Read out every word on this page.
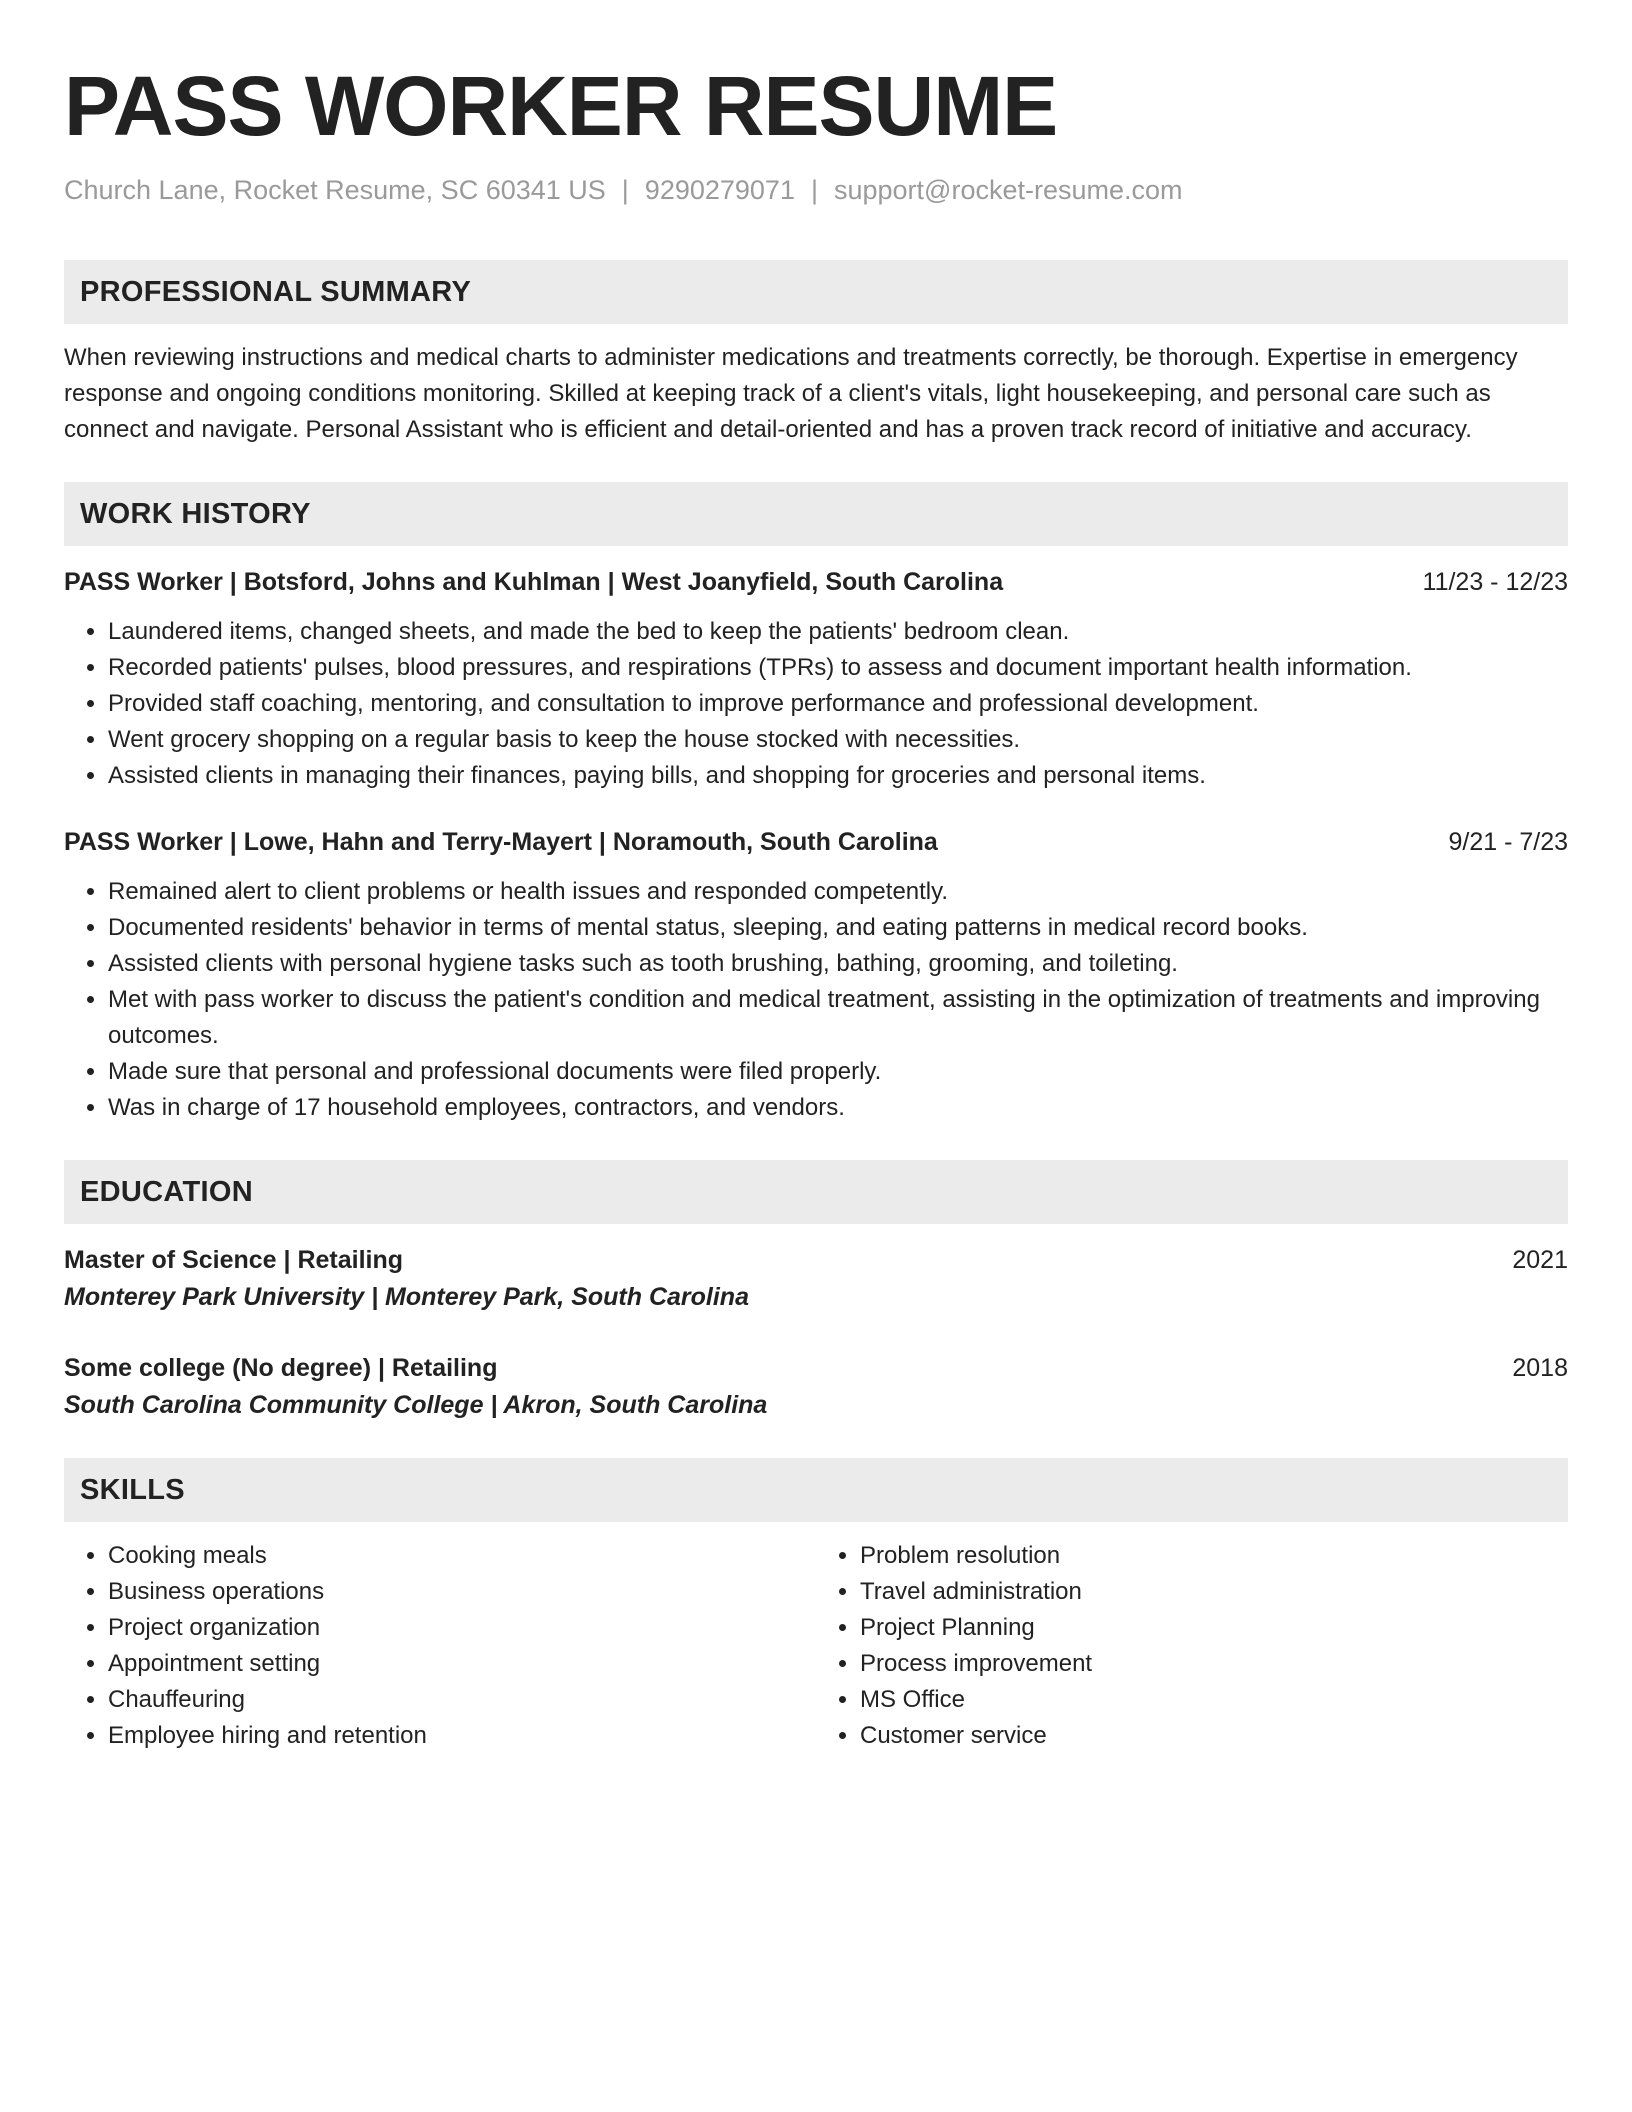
PASS WORKER RESUME
Church Lane, Rocket Resume, SC 60341 US | 9290279071 | support@rocket-resume.com
PROFESSIONAL SUMMARY
When reviewing instructions and medical charts to administer medications and treatments correctly, be thorough. Expertise in emergency response and ongoing conditions monitoring. Skilled at keeping track of a client's vitals, light housekeeping, and personal care such as connect and navigate. Personal Assistant who is efficient and detail-oriented and has a proven track record of initiative and accuracy.
WORK HISTORY
PASS Worker | Botsford, Johns and Kuhlman | West Joanyfield, South Carolina	11/23 - 12/23
• Laundered items, changed sheets, and made the bed to keep the patients' bedroom clean.
• Recorded patients' pulses, blood pressures, and respirations (TPRs) to assess and document important health information.
• Provided staff coaching, mentoring, and consultation to improve performance and professional development.
• Went grocery shopping on a regular basis to keep the house stocked with necessities.
• Assisted clients in managing their finances, paying bills, and shopping for groceries and personal items.
PASS Worker | Lowe, Hahn and Terry-Mayert | Noramouth, South Carolina	9/21 - 7/23
• Remained alert to client problems or health issues and responded competently.
• Documented residents' behavior in terms of mental status, sleeping, and eating patterns in medical record books.
• Assisted clients with personal hygiene tasks such as tooth brushing, bathing, grooming, and toileting.
• Met with pass worker to discuss the patient's condition and medical treatment, assisting in the optimization of treatments and improving outcomes.
• Made sure that personal and professional documents were filed properly.
• Was in charge of 17 household employees, contractors, and vendors.
EDUCATION
Master of Science | Retailing	2021
Monterey Park University | Monterey Park, South Carolina
Some college (No degree) | Retailing	2018
South Carolina Community College | Akron, South Carolina
SKILLS
• Cooking meals
• Business operations
• Project organization
• Appointment setting
• Chauffeuring
• Employee hiring and retention
• Problem resolution
• Travel administration
• Project Planning
• Process improvement
• MS Office
• Customer service
